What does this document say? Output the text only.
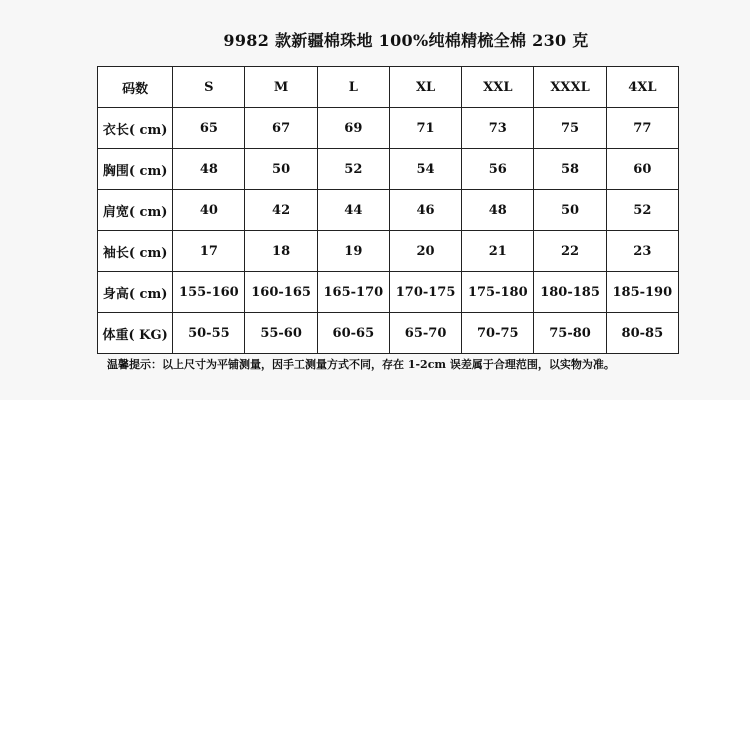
9982 款新疆棉珠地 100%纯棉精梳全棉 230 克
码数	S	M	L	XL	XXL	XXXL	4XL
衣长( cm)	65	67	69	71	73	75	77
胸围( cm)	48	50	52	54	56	58	60
肩宽( cm)	40	42	44	46	48	50	52
袖长( cm)	17	18	19	20	21	22	23
身高( cm)	155-160	160-165	165-170	170-175	175-180	180-185	185-190
体重( KG)	50-55	55-60	60-65	65-70	70-75	75-80	80-85
温馨提示：以上尺寸为平铺测量，因手工测量方式不同，存在 1-2cm 误差属于合理范围，以实物为准。
